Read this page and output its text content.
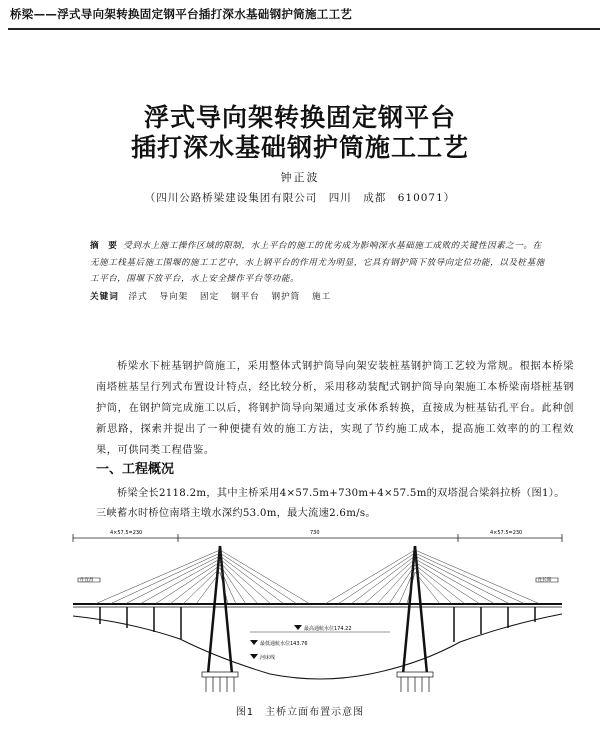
桥梁——浮式导向架转换固定钢平台插打深水基础钢护筒施工工艺
浮式导向架转换固定钢平台
插打深水基础钢护筒施工工艺
钟正波
（四川公路桥梁建设集团有限公司　四川　成都　610071）
摘　要 受到水上施工操作区域的限制，水上平台的施工的优劣成为影响深水基础施工成败的关键性因素之一。在无施工栈基后施工围堰的施工工艺中，水上钢平台的作用尤为明显，它具有钢护筒下放导向定位功能，以及桩基施工平台，围堰下放平台，水上安全操作平台等功能。
关键词 浮式 导向架 固定 钢平台 钢护筒 施工
桥梁水下桩基钢护筒施工，采用整体式钢护筒导向架安装桩基钢护筒工艺较为常规。根据本桥梁南塔桩基呈行列式布置设计特点，经比较分析，采用移动装配式钢护筒导向架施工本桥梁南塔桩基钢护筒，在钢护筒完成施工以后，将钢护筒导向架通过支承体系转换，直接成为桩基钻孔平台。此种创新思路，探索并提出了一种便捷有效的施工方法，实现了节约施工成本，提高施工效率的的工程效果，可供同类工程借鉴。
一、工程概况
桥梁全长2118.2m，其中主桥采用4×57.5m+730m+4×57.5m的双塔混合梁斜拉桥（图1）。三峡蓄水时桥位南塔主墩水深约53.0m，最大流速2.6m/s。
4×57.5=230	730	4×57.5=230
往宜昌	往长阳
最高通航水位174.22
最低通航水位143.76
河床线
图1　主桥立面布置示意图
